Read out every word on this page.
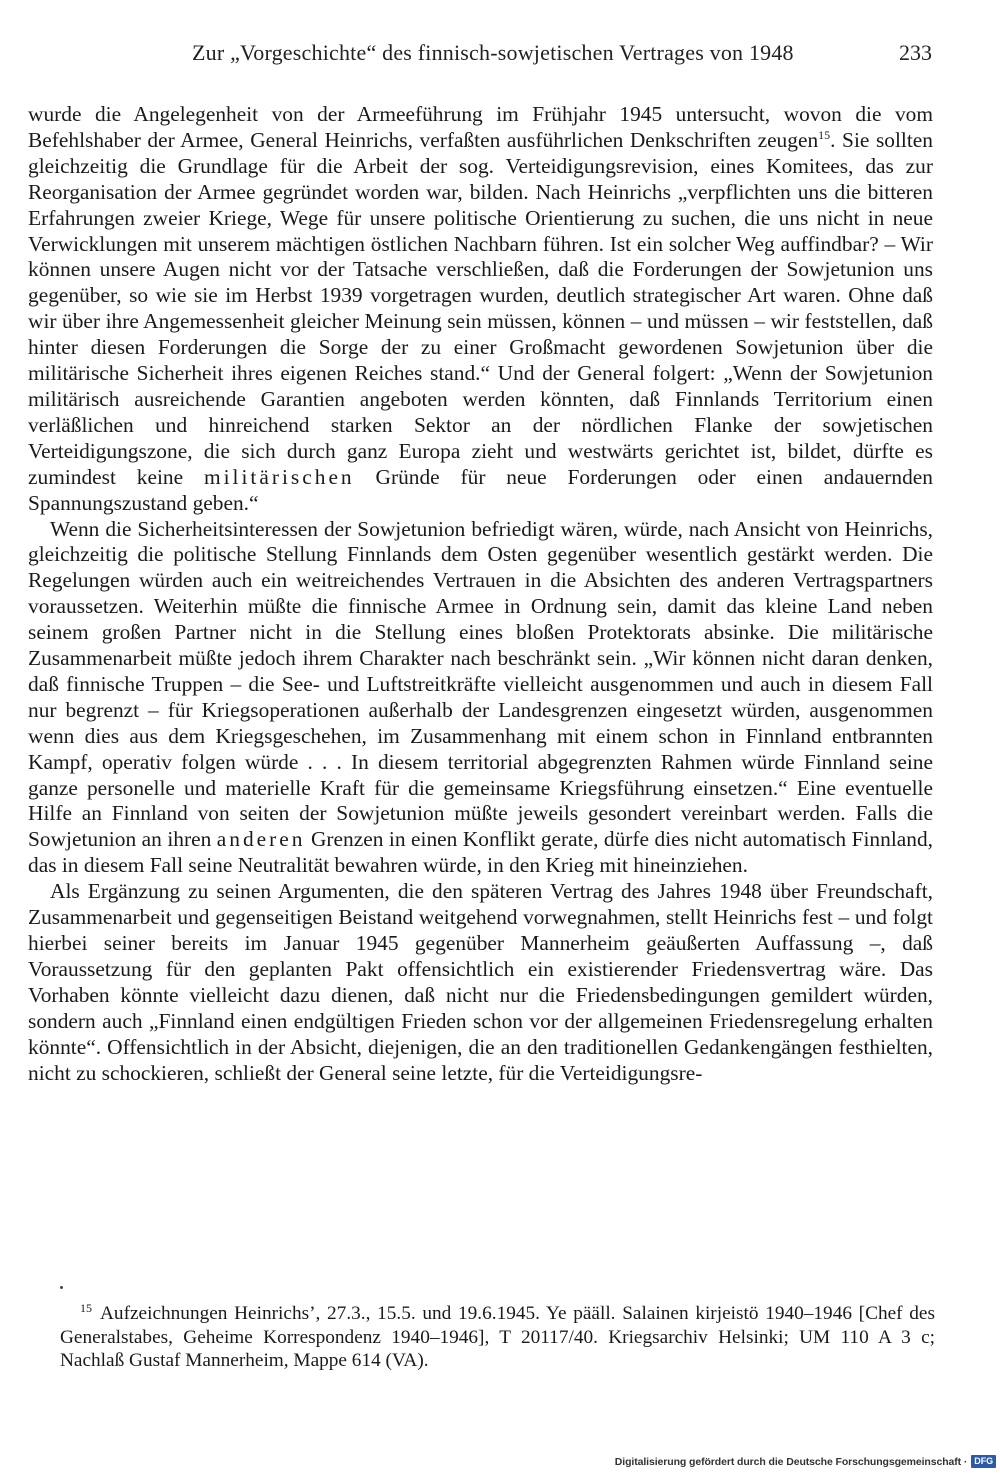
Zur „Vorgeschichte“ des finnisch-sowjetischen Vertrages von 1948	233

wurde die Angelegenheit von der Armeeführung im Frühjahr 1945 untersucht, wovon die vom Befehlshaber der Armee, General Heinrichs, verfaßten ausführlichen Denkschriften zeugen$^{15}$. Sie sollten gleichzeitig die Grundlage für die Arbeit der sog. Verteidigungsrevision, eines Komitees, das zur Reorganisation der Armee gegründet worden war, bilden. Nach Heinrichs „verpflichten uns die bitteren Erfahrungen zweier Kriege, Wege für unsere politische Orientierung zu suchen, die uns nicht in neue Verwicklungen mit unserem mächtigen östlichen Nachbarn führen. Ist ein solcher Weg auffindbar? – Wir können unsere Augen nicht vor der Tatsache verschließen, daß die Forderungen der Sowjetunion uns gegenüber, so wie sie im Herbst 1939 vorgetragen wurden, deutlich strategischer Art waren. Ohne daß wir über ihre Angemessenheit gleicher Meinung sein müssen, können – und müssen – wir feststellen, daß hinter diesen Forderungen die Sorge der zu einer Großmacht gewordenen Sowjetunion über die militärische Sicherheit ihres eigenen Reiches stand.“ Und der General folgert: „Wenn der Sowjetunion militärisch ausreichende Garantien angeboten werden könnten, daß Finnlands Territorium einen verläßlichen und hinreichend starken Sektor an der nördlichen Flanke der sowjetischen Verteidigungszone, die sich durch ganz Europa zieht und westwärts gerichtet ist, bildet, dürfte es zumindest keine militärischen Gründe für neue Forderungen oder einen andauernden Spannungszustand geben.“

Wenn die Sicherheitsinteressen der Sowjetunion befriedigt wären, würde, nach Ansicht von Heinrichs, gleichzeitig die politische Stellung Finnlands dem Osten gegenüber wesentlich gestärkt werden. Die Regelungen würden auch ein weitreichendes Vertrauen in die Absichten des anderen Vertragspartners voraussetzen. Weiterhin müßte die finnische Armee in Ordnung sein, damit das kleine Land neben seinem großen Partner nicht in die Stellung eines bloßen Protektorats absinke. Die militärische Zusammenarbeit müßte jedoch ihrem Charakter nach beschränkt sein. „Wir können nicht daran denken, daß finnische Truppen – die See- und Luftstreitkräfte vielleicht ausgenommen und auch in diesem Fall nur begrenzt – für Kriegsoperationen außerhalb der Landesgrenzen eingesetzt würden, ausgenommen wenn dies aus dem Kriegsgeschehen, im Zusammenhang mit einem schon in Finnland entbrannten Kampf, operativ folgen würde . . . In diesem territorial abgegrenzten Rahmen würde Finnland seine ganze personelle und materielle Kraft für die gemeinsame Kriegsführung einsetzen.“ Eine eventuelle Hilfe an Finnland von seiten der Sowjetunion müßte jeweils gesondert vereinbart werden. Falls die Sowjetunion an ihren anderen Grenzen in einen Konflikt gerate, dürfe dies nicht automatisch Finnland, das in diesem Fall seine Neutralität bewahren würde, in den Krieg mit hineinziehen.

Als Ergänzung zu seinen Argumenten, die den späteren Vertrag des Jahres 1948 über Freundschaft, Zusammenarbeit und gegenseitigen Beistand weitgehend vorwegnahmen, stellt Heinrichs fest – und folgt hierbei seiner bereits im Januar 1945 gegenüber Mannerheim geäußerten Auffassung –, daß Voraussetzung für den geplanten Pakt offensichtlich ein existierender Friedensvertrag wäre. Das Vorhaben könnte vielleicht dazu dienen, daß nicht nur die Friedensbedingungen gemildert würden, sondern auch „Finnland einen endgültigen Frieden schon vor der allgemeinen Friedensregelung erhalten könnte“. Offensichtlich in der Absicht, diejenigen, die an den traditionellen Gedankengängen festhielten, nicht zu schockieren, schließt der General seine letzte, für die Verteidigungsre-

$^{15}$ Aufzeichnungen Heinrichs’, 27.3., 15.5. und 19.6.1945. Ye pääll. Salainen kirjeistö 1940–1946 [Chef des Generalstabes, Geheime Korrespondenz 1940–1946], T 20117/40. Kriegsarchiv Helsinki; UM 110 A 3 c; Nachlaß Gustaf Mannerheim, Mappe 614 (VA).
Digitalisierung gefördert durch die Deutsche Forschungsgemeinschaft · DFG
